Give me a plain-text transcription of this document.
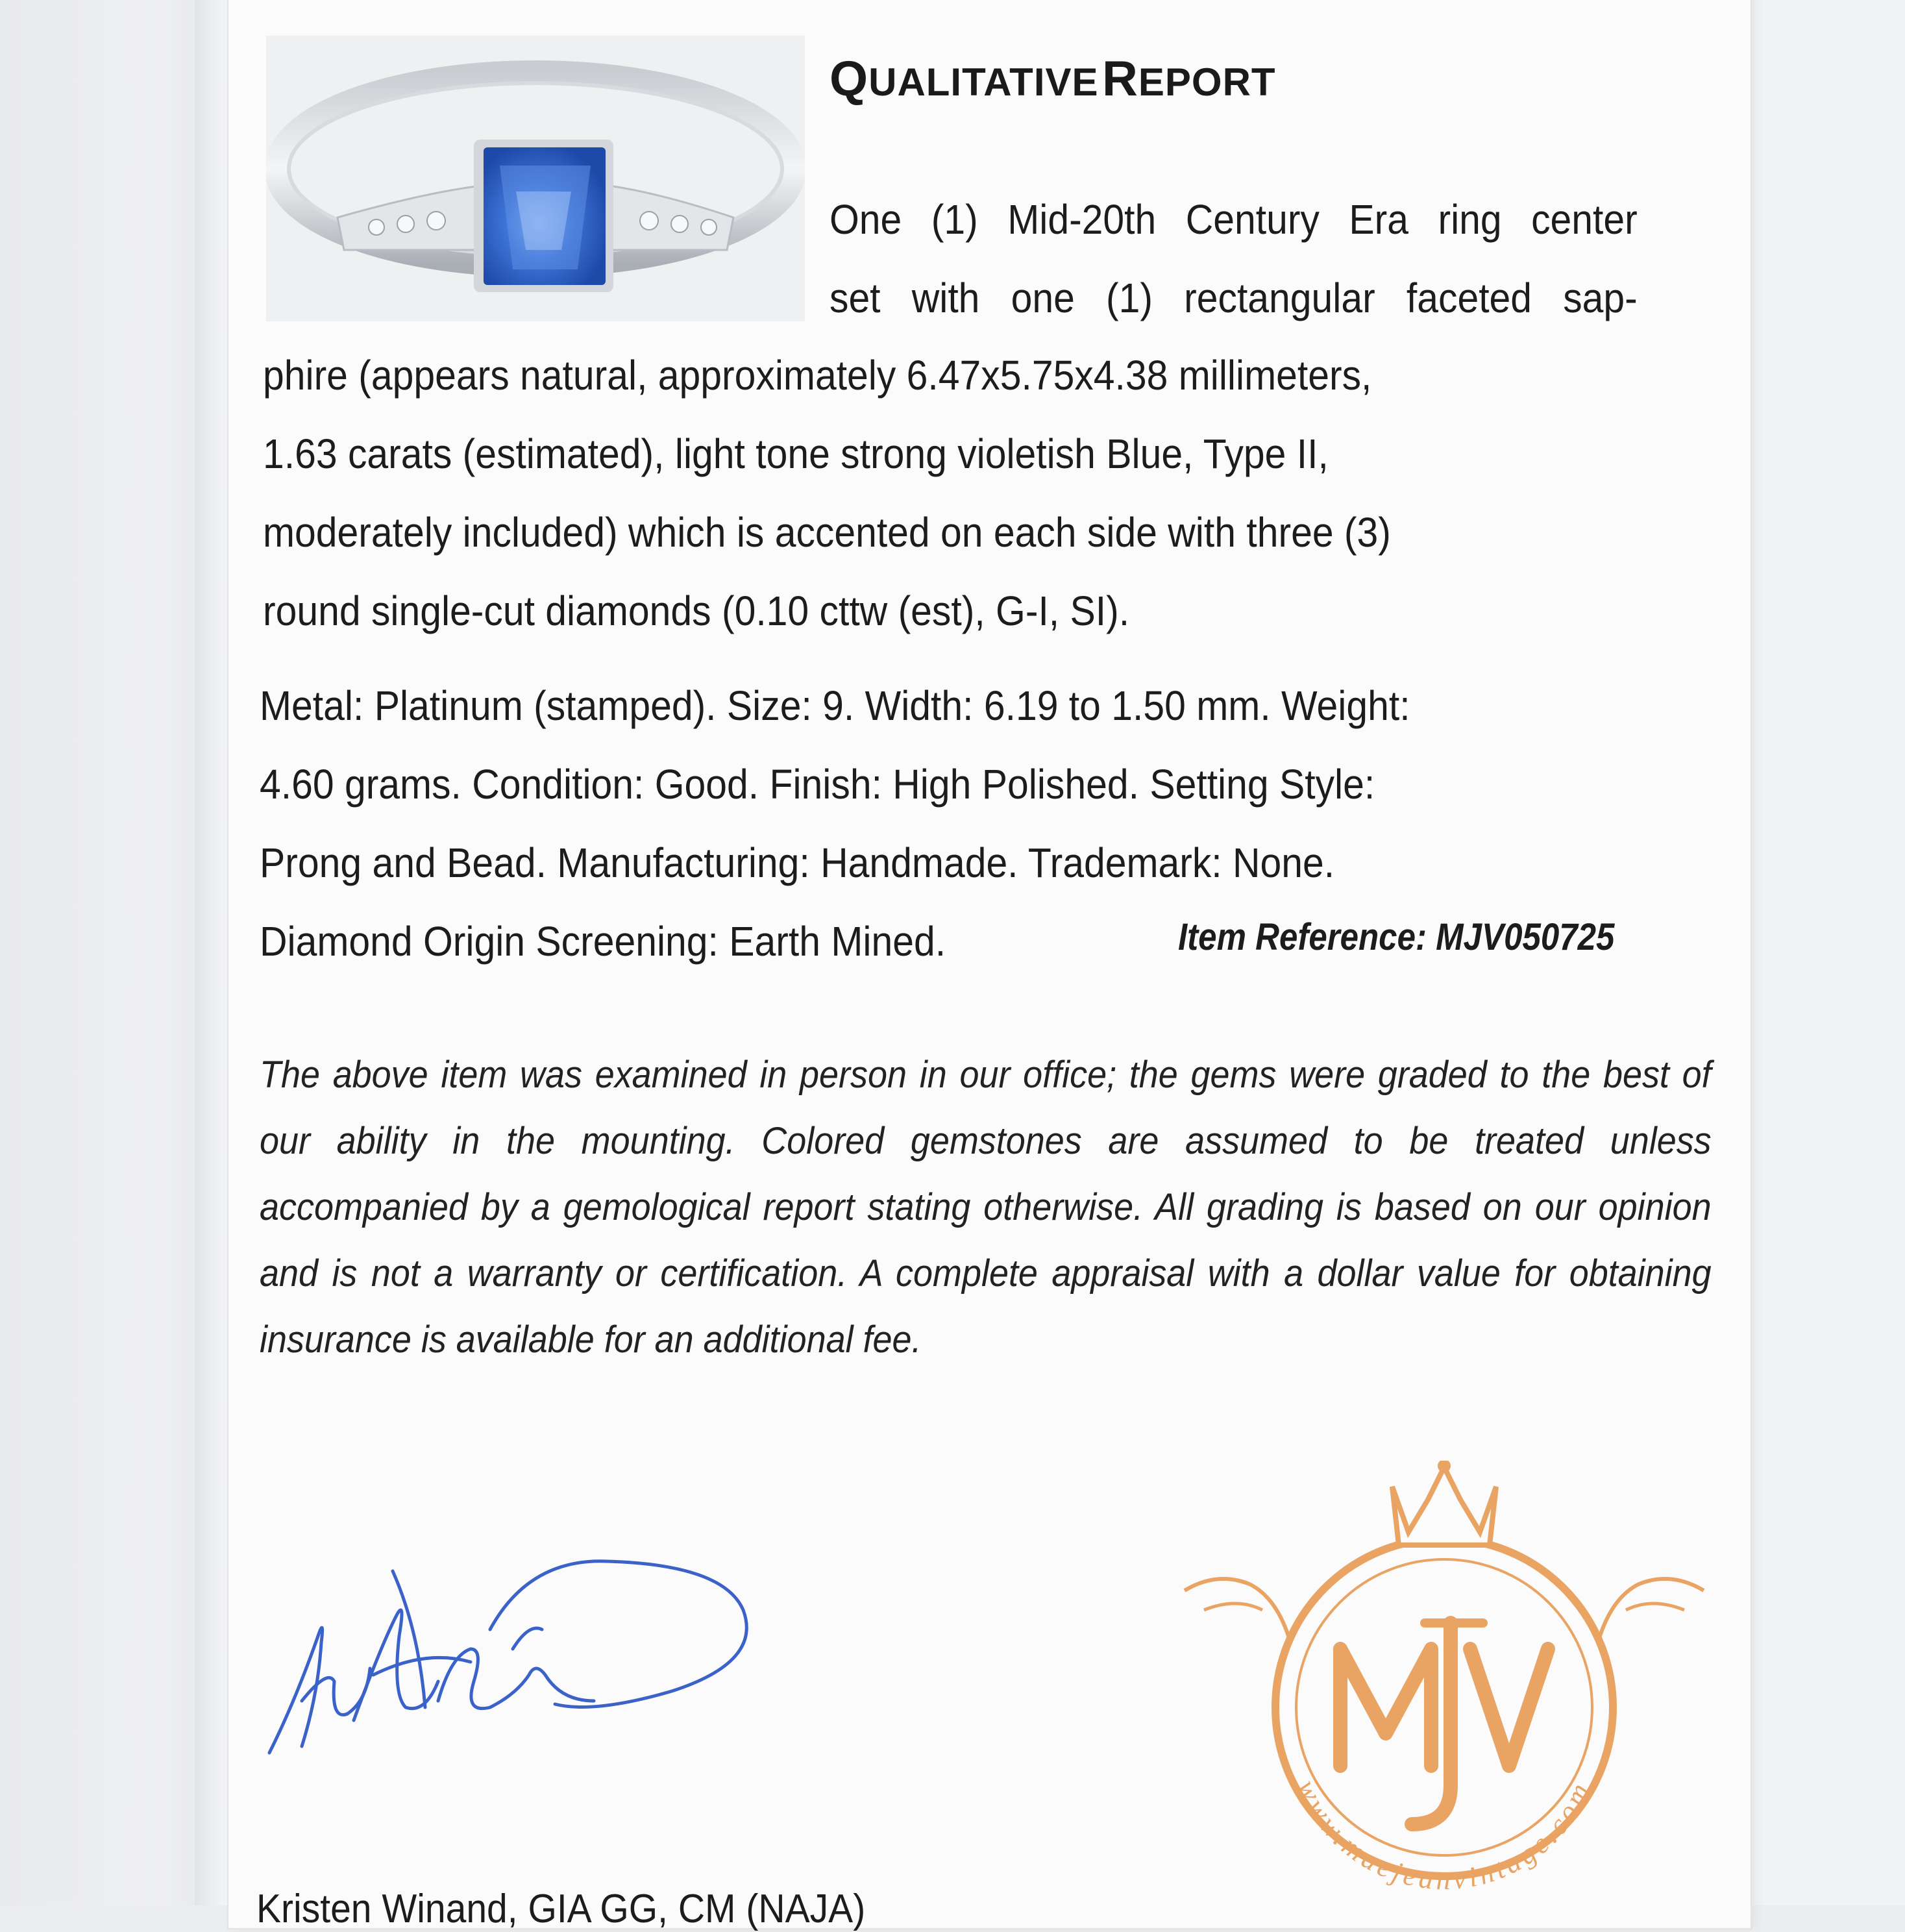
QUALITATIVE REPORT
One (1) Mid-20th Century Era ring center
set with one (1) rectangular faceted sap-
phire (appears natural, approximately 6.47x5.75x4.38 millimeters,
1.63 carats (estimated), light tone strong violetish Blue, Type II,
moderately included) which is accented on each side with three (3)
round single-cut diamonds (0.10 cttw (est), G-I, SI).
Metal: Platinum (stamped). Size: 9. Width: 6.19 to 1.50 mm. Weight:
4.60 grams. Condition: Good. Finish: High Polished. Setting Style:
Prong and Bead. Manufacturing: Handmade. Trademark: None.
Diamond Origin Screening: Earth Mined.	Item Reference: MJV050725

The above item was examined in person in our office; the gems were graded to the best of our ability in the mounting. Colored gemstones are assumed to be treated unless accompanied by a gemological report stating otherwise. All grading is based on our opinion and is not a warranty or certification. A complete appraisal with a dollar value for obtaining insurance is available for an additional fee.

www.maejeanvintage.com
MJV
Kristen Winand, GIA GG, CM (NAJA)
